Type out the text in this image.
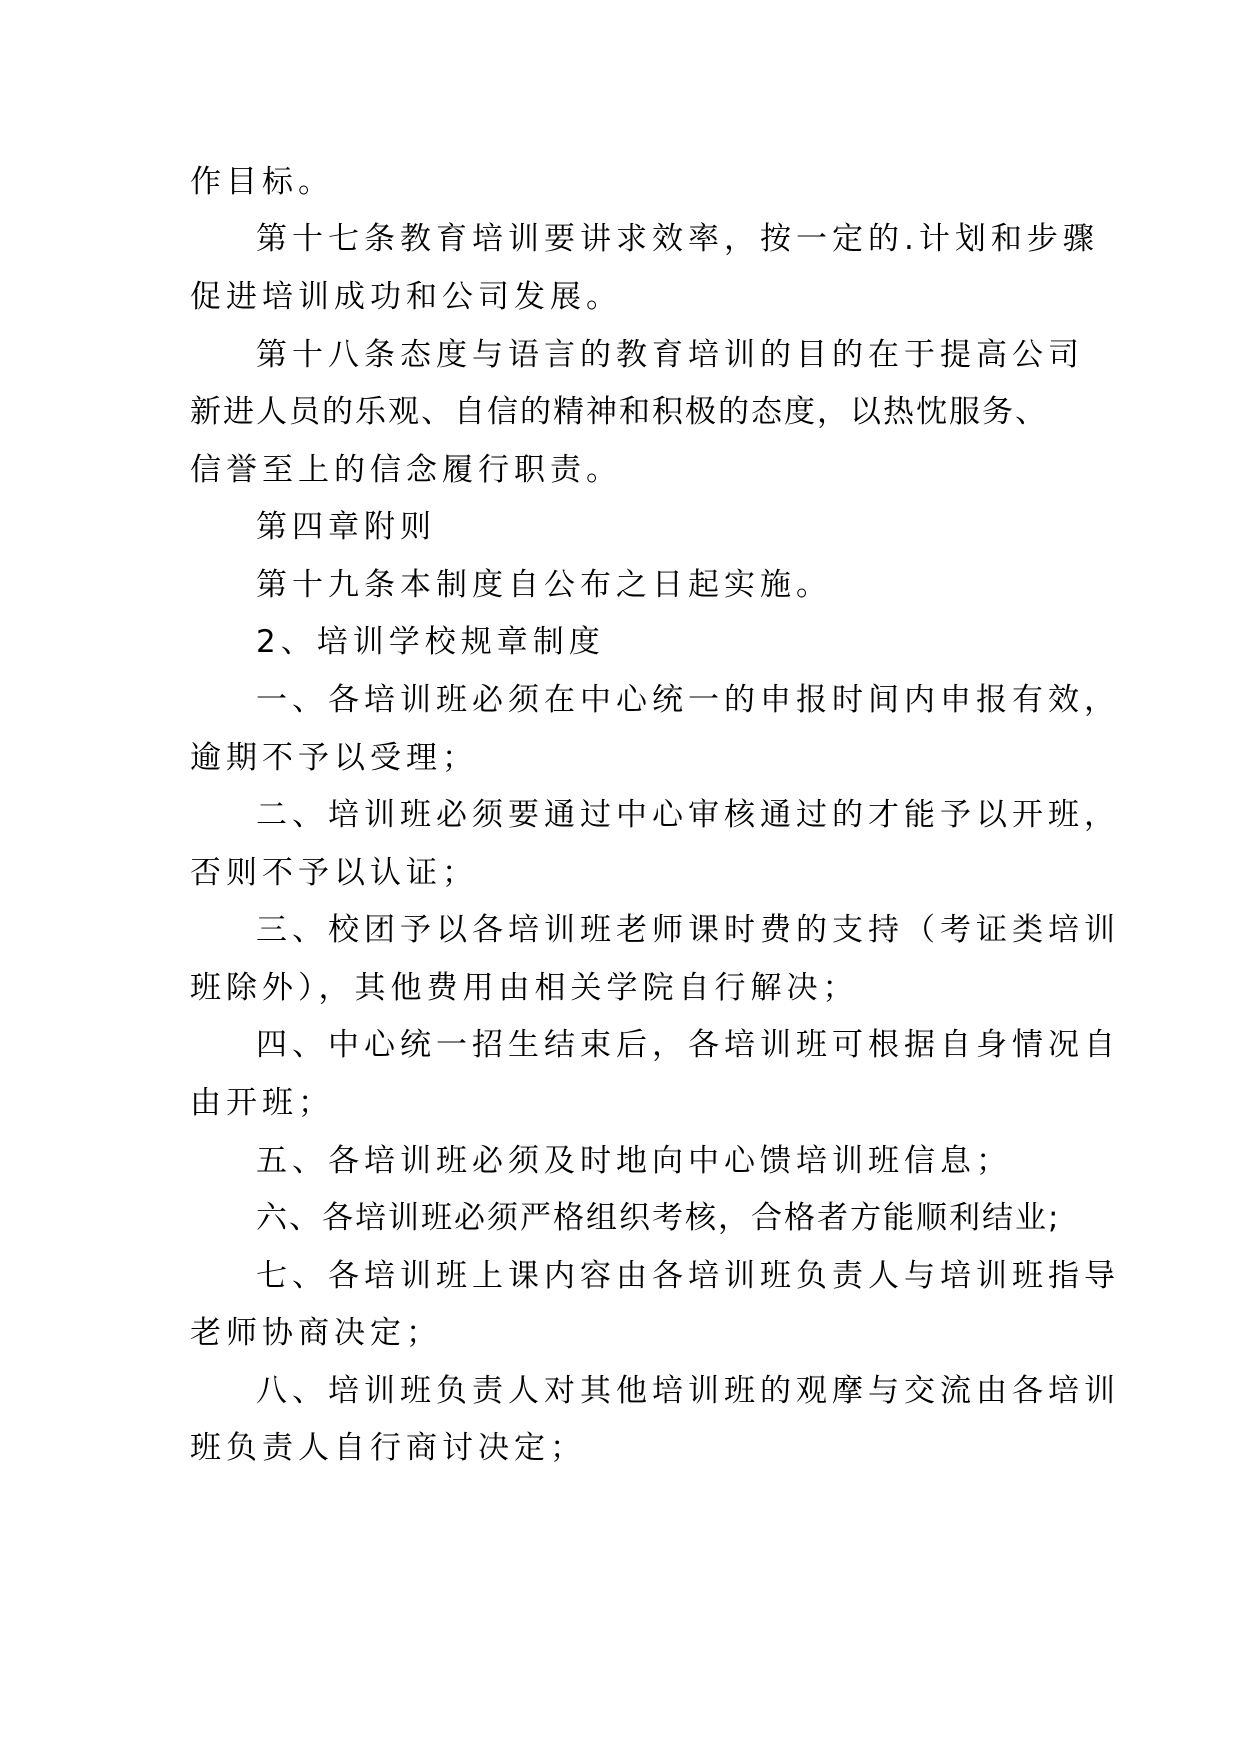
作目标。
第十七条教育培训要讲求效率，按一定的.计划和步骤
促进培训成功和公司发展。
第十八条态度与语言的教育培训的目的在于提高公司
新进人员的乐观、自信的精神和积极的态度，以热忱服务、
信誉至上的信念履行职责。
第四章附则
第十九条本制度自公布之日起实施。
2、培训学校规章制度
一、各培训班必须在中心统一的申报时间内申报有效，
逾期不予以受理；
二、培训班必须要通过中心审核通过的才能予以开班，
否则不予以认证；
三、校团予以各培训班老师课时费的支持（考证类培训
班除外），其他费用由相关学院自行解决；
四、中心统一招生结束后，各培训班可根据自身情况自
由开班；
五、各培训班必须及时地向中心馈培训班信息；
六、各培训班必须严格组织考核，合格者方能顺利结业;
七、各培训班上课内容由各培训班负责人与培训班指导
老师协商决定；
八、培训班负责人对其他培训班的观摩与交流由各培训
班负责人自行商讨决定；
